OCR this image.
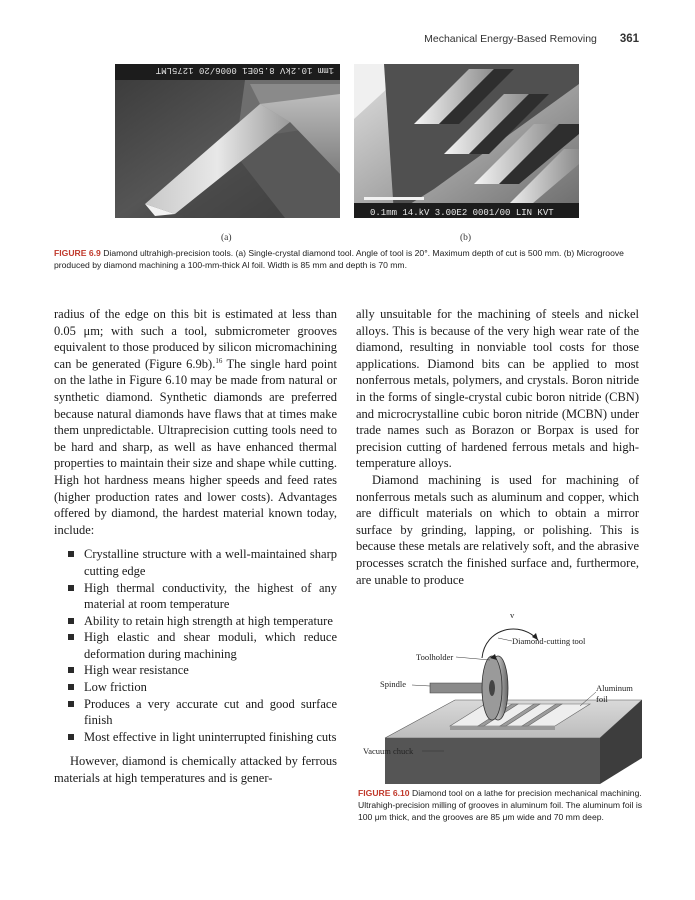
Mechanical Energy-Based Removing 361
1mm 10.2kV 8.50E1 0006/20 1275LMT
0.1mm 14.kV 3.00E2 0001/00 LIN KVT
(a)	(b)
FIGURE 6.9 Diamond ultrahigh-precision tools. (a) Single-crystal diamond tool. Angle of tool is 20°. Maximum depth of cut is 500 mm. (b) Microgroove produced by diamond machining a 100-mm-thick Al foil. Width is 85 mm and depth is 70 mm.

radius of the edge on this bit is estimated at less than 0.05 μm; with such a tool, submicrometer grooves equivalent to those produced by silicon micromachining can be generated (Figure 6.9b).$^{16}$ The single hard point on the lathe in Figure 6.10 may be made from natural or synthetic diamond. Synthetic diamonds are preferred because natural diamonds have flaws that at times make them unpredictable. Ultraprecision cutting tools need to be hard and sharp, as well as have enhanced thermal properties to maintain their size and shape while cutting. High hot hardness means higher speeds and feed rates (higher production rates and lower costs). Advantages offered by diamond, the hardest material known today, include:

Crystalline structure with a well-maintained sharp cutting edge
High thermal conductivity, the highest of any material at room temperature
Ability to retain high strength at high temperature
High elastic and shear moduli, which reduce deformation during machining
High wear resistance
Low friction
Produces a very accurate cut and good surface finish
Most effective in light uninterrupted finishing cuts

However, diamond is chemically attacked by ferrous materials at high temperatures and is gener-

ally unsuitable for the machining of steels and nickel alloys. This is because of the very high wear rate of the diamond, resulting in nonviable tool costs for those applications. Diamond bits can be applied to most nonferrous metals, polymers, and crystals. Boron nitride in the forms of single-crystal cubic boron nitride (CBN) and microcrystalline cubic boron nitride (MCBN) under trade names such as Borazon or Borpax is used for precision cutting of hardened ferrous metals and high-temperature alloys.

Diamond machining is used for machining of nonferrous metals such as aluminum and copper, which are difficult materials on which to obtain a mirror surface by grinding, lapping, or polishing. This is because these metals are relatively soft, and the abrasive processes scratch the finished surface and, furthermore, are unable to produce

v
Diamond-cutting tool
Toolholder
Spindle	Aluminum
foil
Vacuum chuck
FIGURE 6.10 Diamond tool on a lathe for precision mechanical machining. Ultrahigh-precision milling of grooves in aluminum foil. The aluminum foil is 100 μm thick, and the grooves are 85 μm wide and 70 mm deep.
